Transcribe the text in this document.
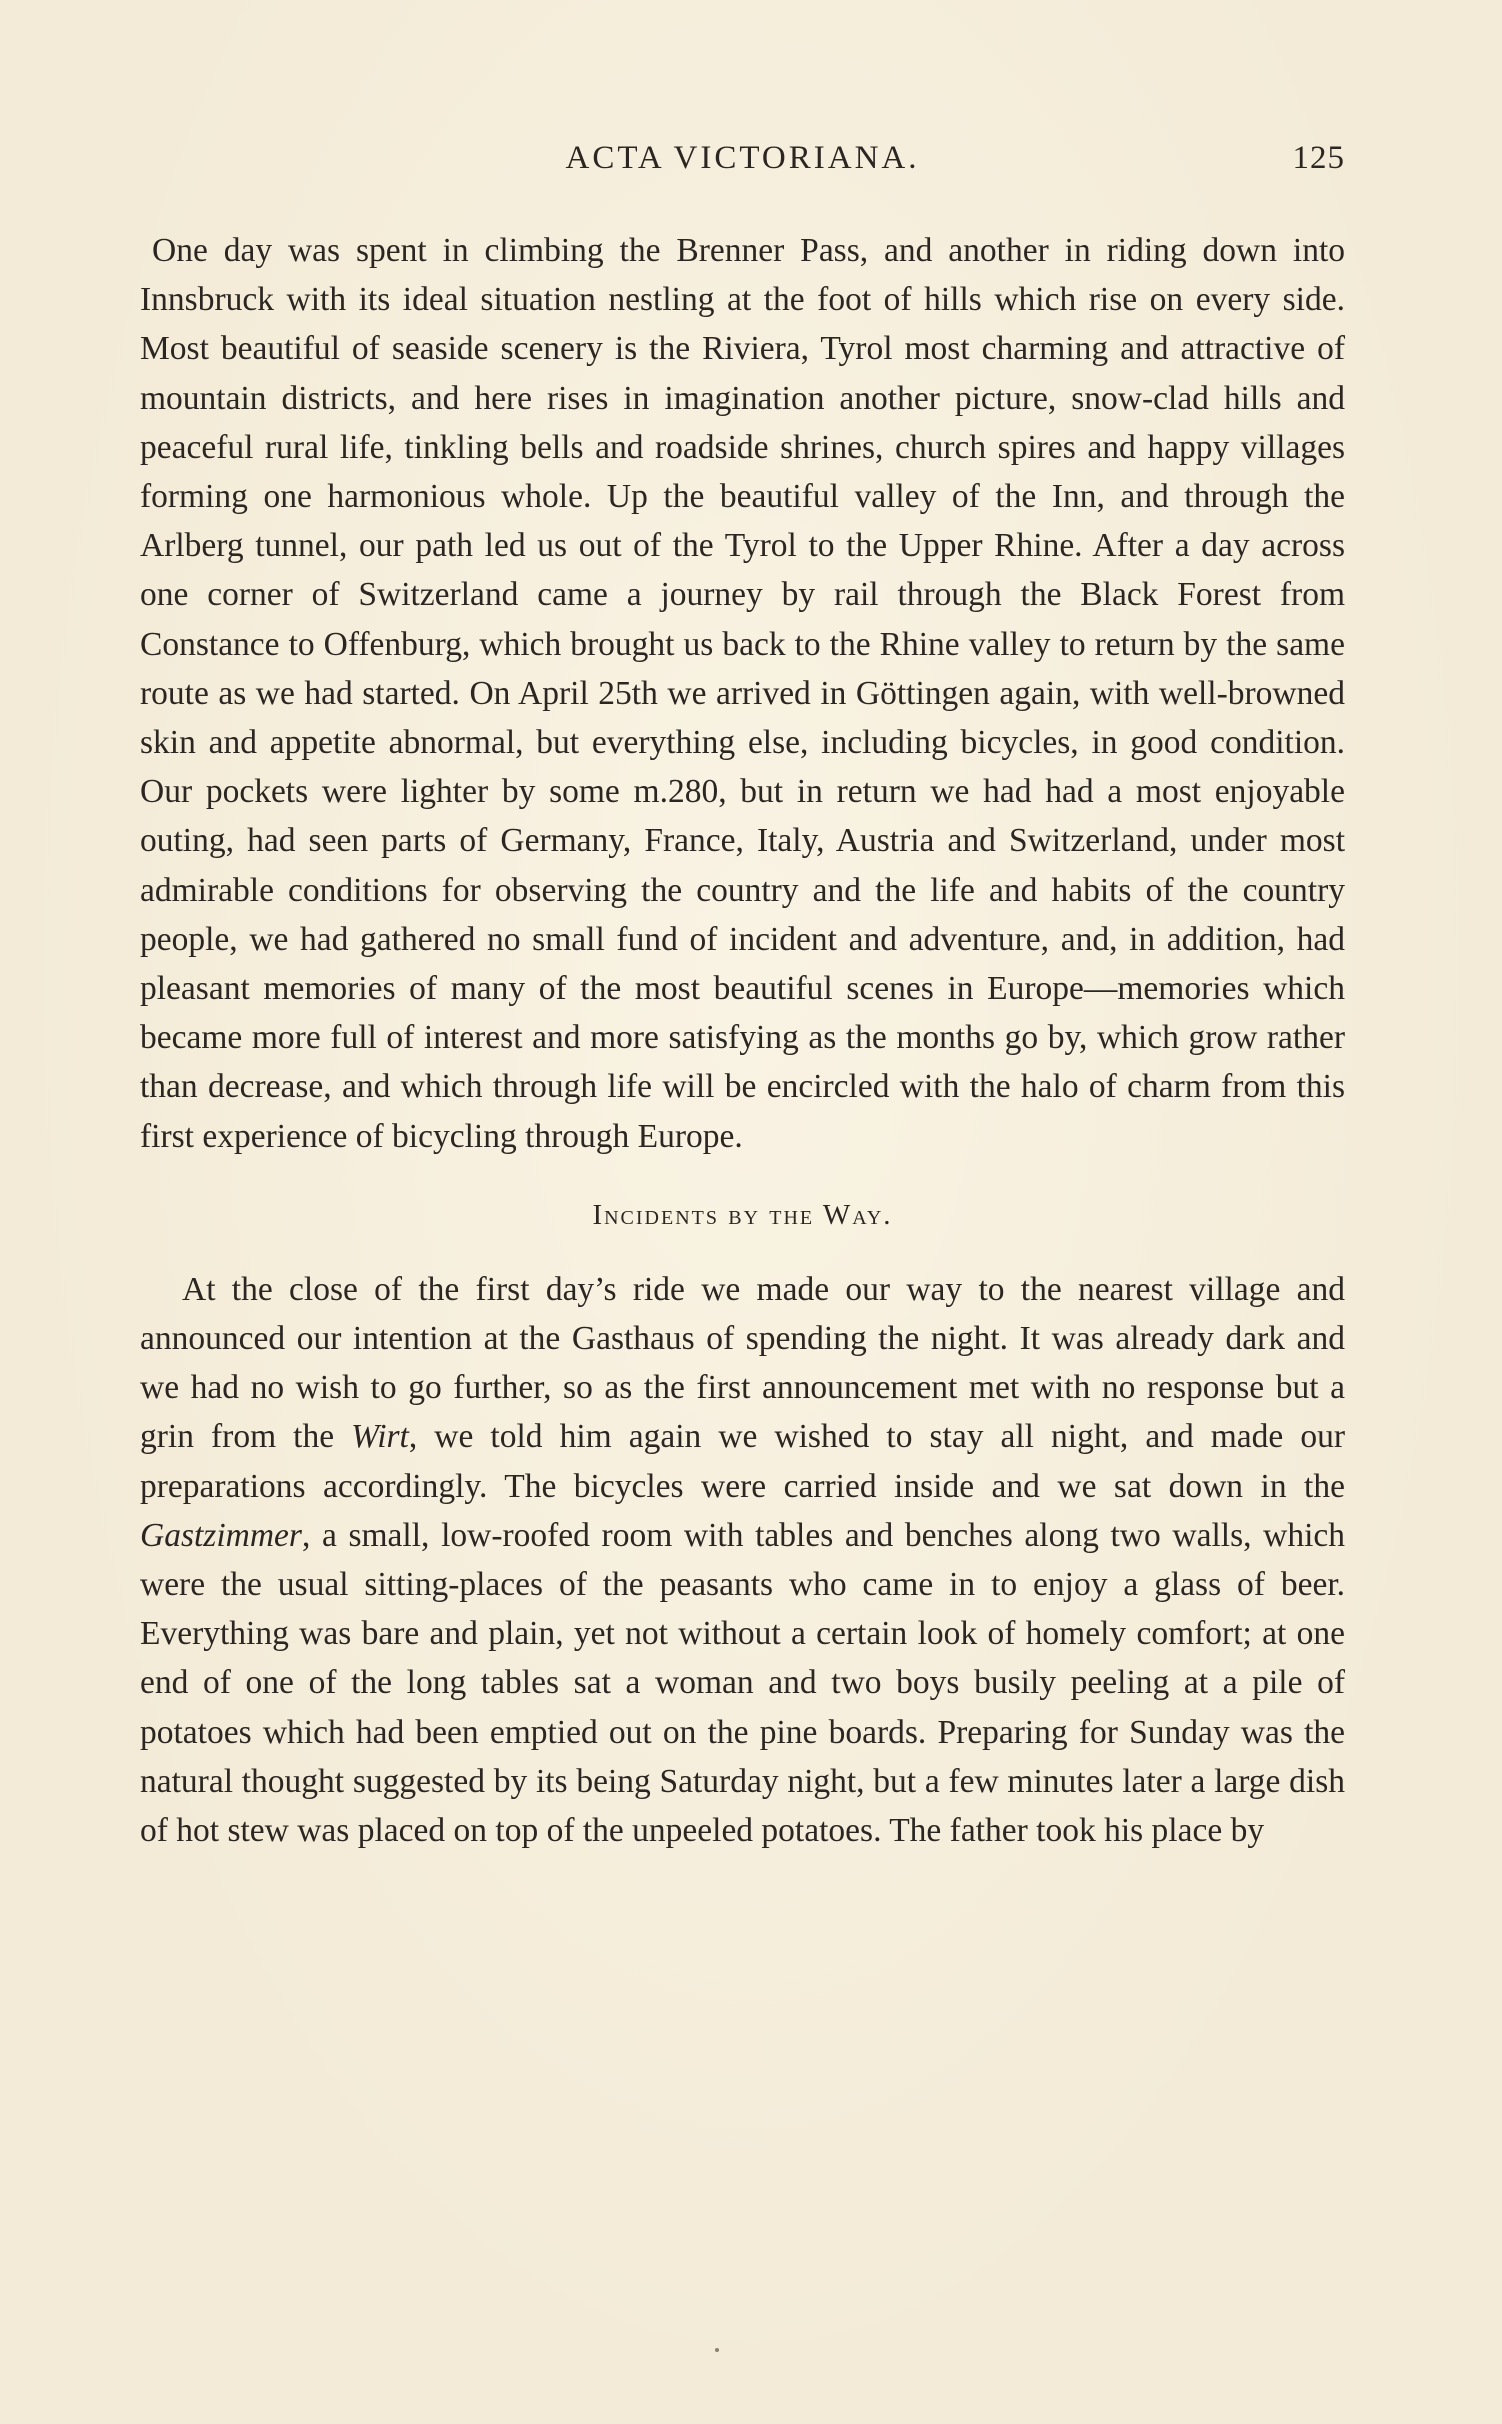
ACTA VICTORIANA.	125

One day was spent in climbing the Brenner Pass, and another in riding down into Innsbruck with its ideal situation nestling at the foot of hills which rise on every side. Most beautiful of seaside scenery is the Riviera, Tyrol most charming and attractive of mountain districts, and here rises in imagination another picture, snow-clad hills and peaceful rural life, tinkling bells and roadside shrines, church spires and happy villages forming one harmonious whole. Up the beautiful valley of the Inn, and through the Arlberg tunnel, our path led us out of the Tyrol to the Upper Rhine. After a day across one corner of Switzerland came a journey by rail through the Black Forest from Constance to Offenburg, which brought us back to the Rhine valley to return by the same route as we had started. On April 25th we arrived in Göttingen again, with well-browned skin and appetite abnormal, but everything else, including bicycles, in good condition. Our pockets were lighter by some m.280, but in return we had had a most enjoyable outing, had seen parts of Germany, France, Italy, Austria and Switzerland, under most admirable conditions for observing the country and the life and habits of the country people, we had gathered no small fund of incident and adventure, and, in addition, had pleasant memories of many of the most beautiful scenes in Europe—memories which became more full of interest and more satisfying as the months go by, which grow rather than decrease, and which through life will be encircled with the halo of charm from this first experience of bicycling through Europe.

Incidents by the Way.

At the close of the first day’s ride we made our way to the nearest village and announced our intention at the Gasthaus of spending the night. It was already dark and we had no wish to go further, so as the first announcement met with no response but a grin from the Wirt, we told him again we wished to stay all night, and made our preparations accordingly. The bicycles were carried inside and we sat down in the Gastzimmer, a small, low-roofed room with tables and benches along two walls, which were the usual sitting-places of the peasants who came in to enjoy a glass of beer. Everything was bare and plain, yet not without a certain look of homely comfort; at one end of one of the long tables sat a woman and two boys busily peeling at a pile of potatoes which had been emptied out on the pine boards. Preparing for Sunday was the natural thought suggested by its being Saturday night, but a few minutes later a large dish of hot stew was placed on top of the unpeeled potatoes. The father took his place by
